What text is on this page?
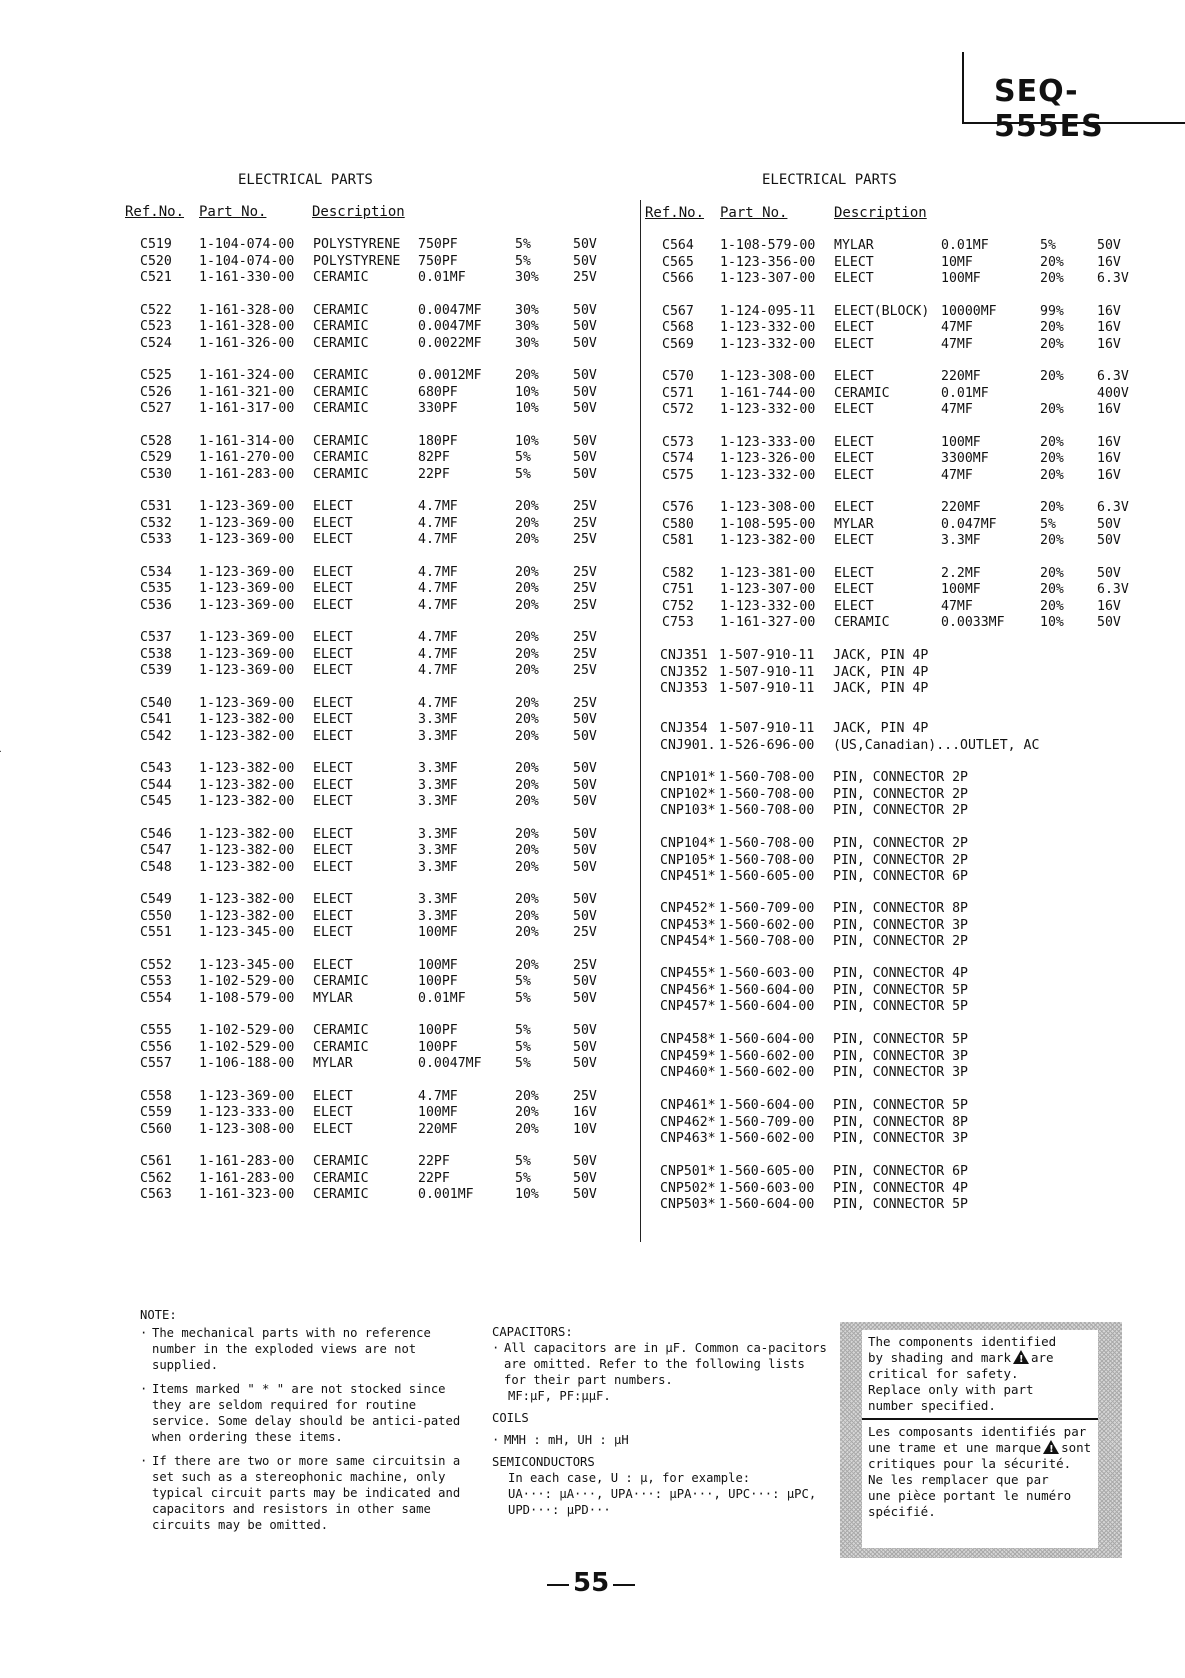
SEQ-555ES
ELECTRICAL PARTS
Ref.No. Part No.	Description
C519 1-104-074-00 POLYSTYRENE 750PF	5%	50V
C520 1-104-074-00 POLYSTYRENE 750PF	5%	50V
C521 1-161-330-00 CERAMIC	0.01MF	30%	25V
C522 1-161-328-00 CERAMIC	0.0047MF	30%	50V
C523 1-161-328-00 CERAMIC	0.0047MF	30%	50V
C524 1-161-326-00 CERAMIC	0.0022MF	30%	50V
C525 1-161-324-00 CERAMIC	0.0012MF	20%	50V
C526 1-161-321-00 CERAMIC	680PF	10%	50V
C527 1-161-317-00 CERAMIC	330PF	10%	50V
C528 1-161-314-00 CERAMIC	180PF	10%	50V
C529 1-161-270-00 CERAMIC	82PF	5%	50V
C530 1-161-283-00 CERAMIC	22PF	5%	50V
C531 1-123-369-00 ELECT	4.7MF	20%	25V
C532 1-123-369-00 ELECT	4.7MF	20%	25V
C533 1-123-369-00 ELECT	4.7MF	20%	25V
C534 1-123-369-00 ELECT	4.7MF	20%	25V
C535 1-123-369-00 ELECT	4.7MF	20%	25V
C536 1-123-369-00 ELECT	4.7MF	20%	25V
C537 1-123-369-00 ELECT	4.7MF	20%	25V
C538 1-123-369-00 ELECT	4.7MF	20%	25V
C539 1-123-369-00 ELECT	4.7MF	20%	25V
C540 1-123-369-00 ELECT	4.7MF	20%	25V
C541 1-123-382-00 ELECT	3.3MF	20%	50V
C542 1-123-382-00 ELECT	3.3MF	20%	50V
C543 1-123-382-00 ELECT	3.3MF	20%	50V
C544 1-123-382-00 ELECT	3.3MF	20%	50V
C545 1-123-382-00 ELECT	3.3MF	20%	50V
C546 1-123-382-00 ELECT	3.3MF	20%	50V
C547 1-123-382-00 ELECT	3.3MF	20%	50V
C548 1-123-382-00 ELECT	3.3MF	20%	50V
C549 1-123-382-00 ELECT	3.3MF	20%	50V
C550 1-123-382-00 ELECT	3.3MF	20%	50V
C551 1-123-345-00 ELECT	100MF	20%	25V
C552 1-123-345-00 ELECT	100MF	20%	25V
C553 1-102-529-00 CERAMIC	100PF	5%	50V
C554 1-108-579-00 MYLAR	0.01MF	5%	50V
C555 1-102-529-00 CERAMIC	100PF	5%	50V
C556 1-102-529-00 CERAMIC	100PF	5%	50V
C557 1-106-188-00 MYLAR	0.0047MF	5%	50V
C558 1-123-369-00 ELECT	4.7MF	20%	25V
C559 1-123-333-00 ELECT	100MF	20%	16V
C560 1-123-308-00 ELECT	220MF	20%	10V
C561 1-161-283-00 CERAMIC	22PF	5%	50V
C562 1-161-283-00 CERAMIC	22PF	5%	50V
C563 1-161-323-00 CERAMIC	0.001MF	10%	50V
ELECTRICAL PARTS
Ref.No. Part No.	Description
C564 1-108-579-00 MYLAR	0.01MF	5%	50V
C565 1-123-356-00 ELECT	10MF	20%	16V
C566 1-123-307-00 ELECT	100MF	20%	6.3V
C567 1-124-095-11 ELECT(BLOCK) 10000MF	99%	16V
C568 1-123-332-00 ELECT	47MF	20%	16V
C569 1-123-332-00 ELECT	47MF	20%	16V
C570 1-123-308-00 ELECT	220MF	20%	6.3V
C571 1-161-744-00 CERAMIC	0.01MF	400V
C572 1-123-332-00 ELECT	47MF	20%	16V
C573 1-123-333-00 ELECT	100MF	20%	16V
C574 1-123-326-00 ELECT	3300MF	20%	16V
C575 1-123-332-00 ELECT	47MF	20%	16V
C576 1-123-308-00 ELECT	220MF	20%	6.3V
C580 1-108-595-00 MYLAR	0.047MF	5%	50V
C581 1-123-382-00 ELECT	3.3MF	20%	50V
C582 1-123-381-00 ELECT	2.2MF	20%	50V
C751 1-123-307-00 ELECT	100MF	20%	6.3V
C752 1-123-332-00 ELECT	47MF	20%	16V
C753 1-161-327-00 CERAMIC	0.0033MF	10%	50V
CNJ351 1-507-910-11 JACK, PIN 4P
CNJ352 1-507-910-11 JACK, PIN 4P
CNJ353 1-507-910-11 JACK, PIN 4P
CNJ354 1-507-910-11 JACK, PIN 4P
!
CNJ901. 1-526-696-00 (US,Canadian)...OUTLET, AC
CNP101* 1-560-708-00 PIN, CONNECTOR 2P
CNP102* 1-560-708-00 PIN, CONNECTOR 2P
CNP103* 1-560-708-00 PIN, CONNECTOR 2P
CNP104* 1-560-708-00 PIN, CONNECTOR 2P
CNP105* 1-560-708-00 PIN, CONNECTOR 2P
CNP451* 1-560-605-00 PIN, CONNECTOR 6P
CNP452* 1-560-709-00 PIN, CONNECTOR 8P
CNP453* 1-560-602-00 PIN, CONNECTOR 3P
CNP454* 1-560-708-00 PIN, CONNECTOR 2P
CNP455* 1-560-603-00 PIN, CONNECTOR 4P
CNP456* 1-560-604-00 PIN, CONNECTOR 5P
CNP457* 1-560-604-00 PIN, CONNECTOR 5P
CNP458* 1-560-604-00 PIN, CONNECTOR 5P
CNP459* 1-560-602-00 PIN, CONNECTOR 3P
CNP460* 1-560-602-00 PIN, CONNECTOR 3P
CNP461* 1-560-604-00 PIN, CONNECTOR 5P
CNP462* 1-560-709-00 PIN, CONNECTOR 8P
CNP463* 1-560-602-00 PIN, CONNECTOR 3P
CNP501* 1-560-605-00 PIN, CONNECTOR 6P
CNP502* 1-560-603-00 PIN, CONNECTOR 4P
CNP503* 1-560-604-00 PIN, CONNECTOR 5P

NOTE:

· The mechanical parts with no reference number in the exploded views are not supplied.

· Items marked " * " are not stocked since they are seldom required for routine service. Some delay should be antici-pated when ordering these items.

· If there are two or more same circuitsin a set such as a stereophonic machine, only typical circuit parts may be indicated and capacitors and resistors in other same circuits may be omitted.

CAPACITORS:

· All capacitors are in µF. Common ca-pacitors are omitted. Refer to the following lists for their part numbers.

MF:µF, PF:µµF.

COILS

· MMH : mH, UH : µH

SEMICONDUCTORS

In each case, U : µ, for example:

UA···: µA···, UPA···: µPA···, UPC···: µPC,

UPD···: µPD···

The components identified
by shading and mark! are
critical for safety.
Replace only with part
number specified.
Les composants identifiés par
une trame et une marque! sont
critiques pour la sécurité.
Ne les remplacer que par
une pièce portant le numéro
spécifié.
55
